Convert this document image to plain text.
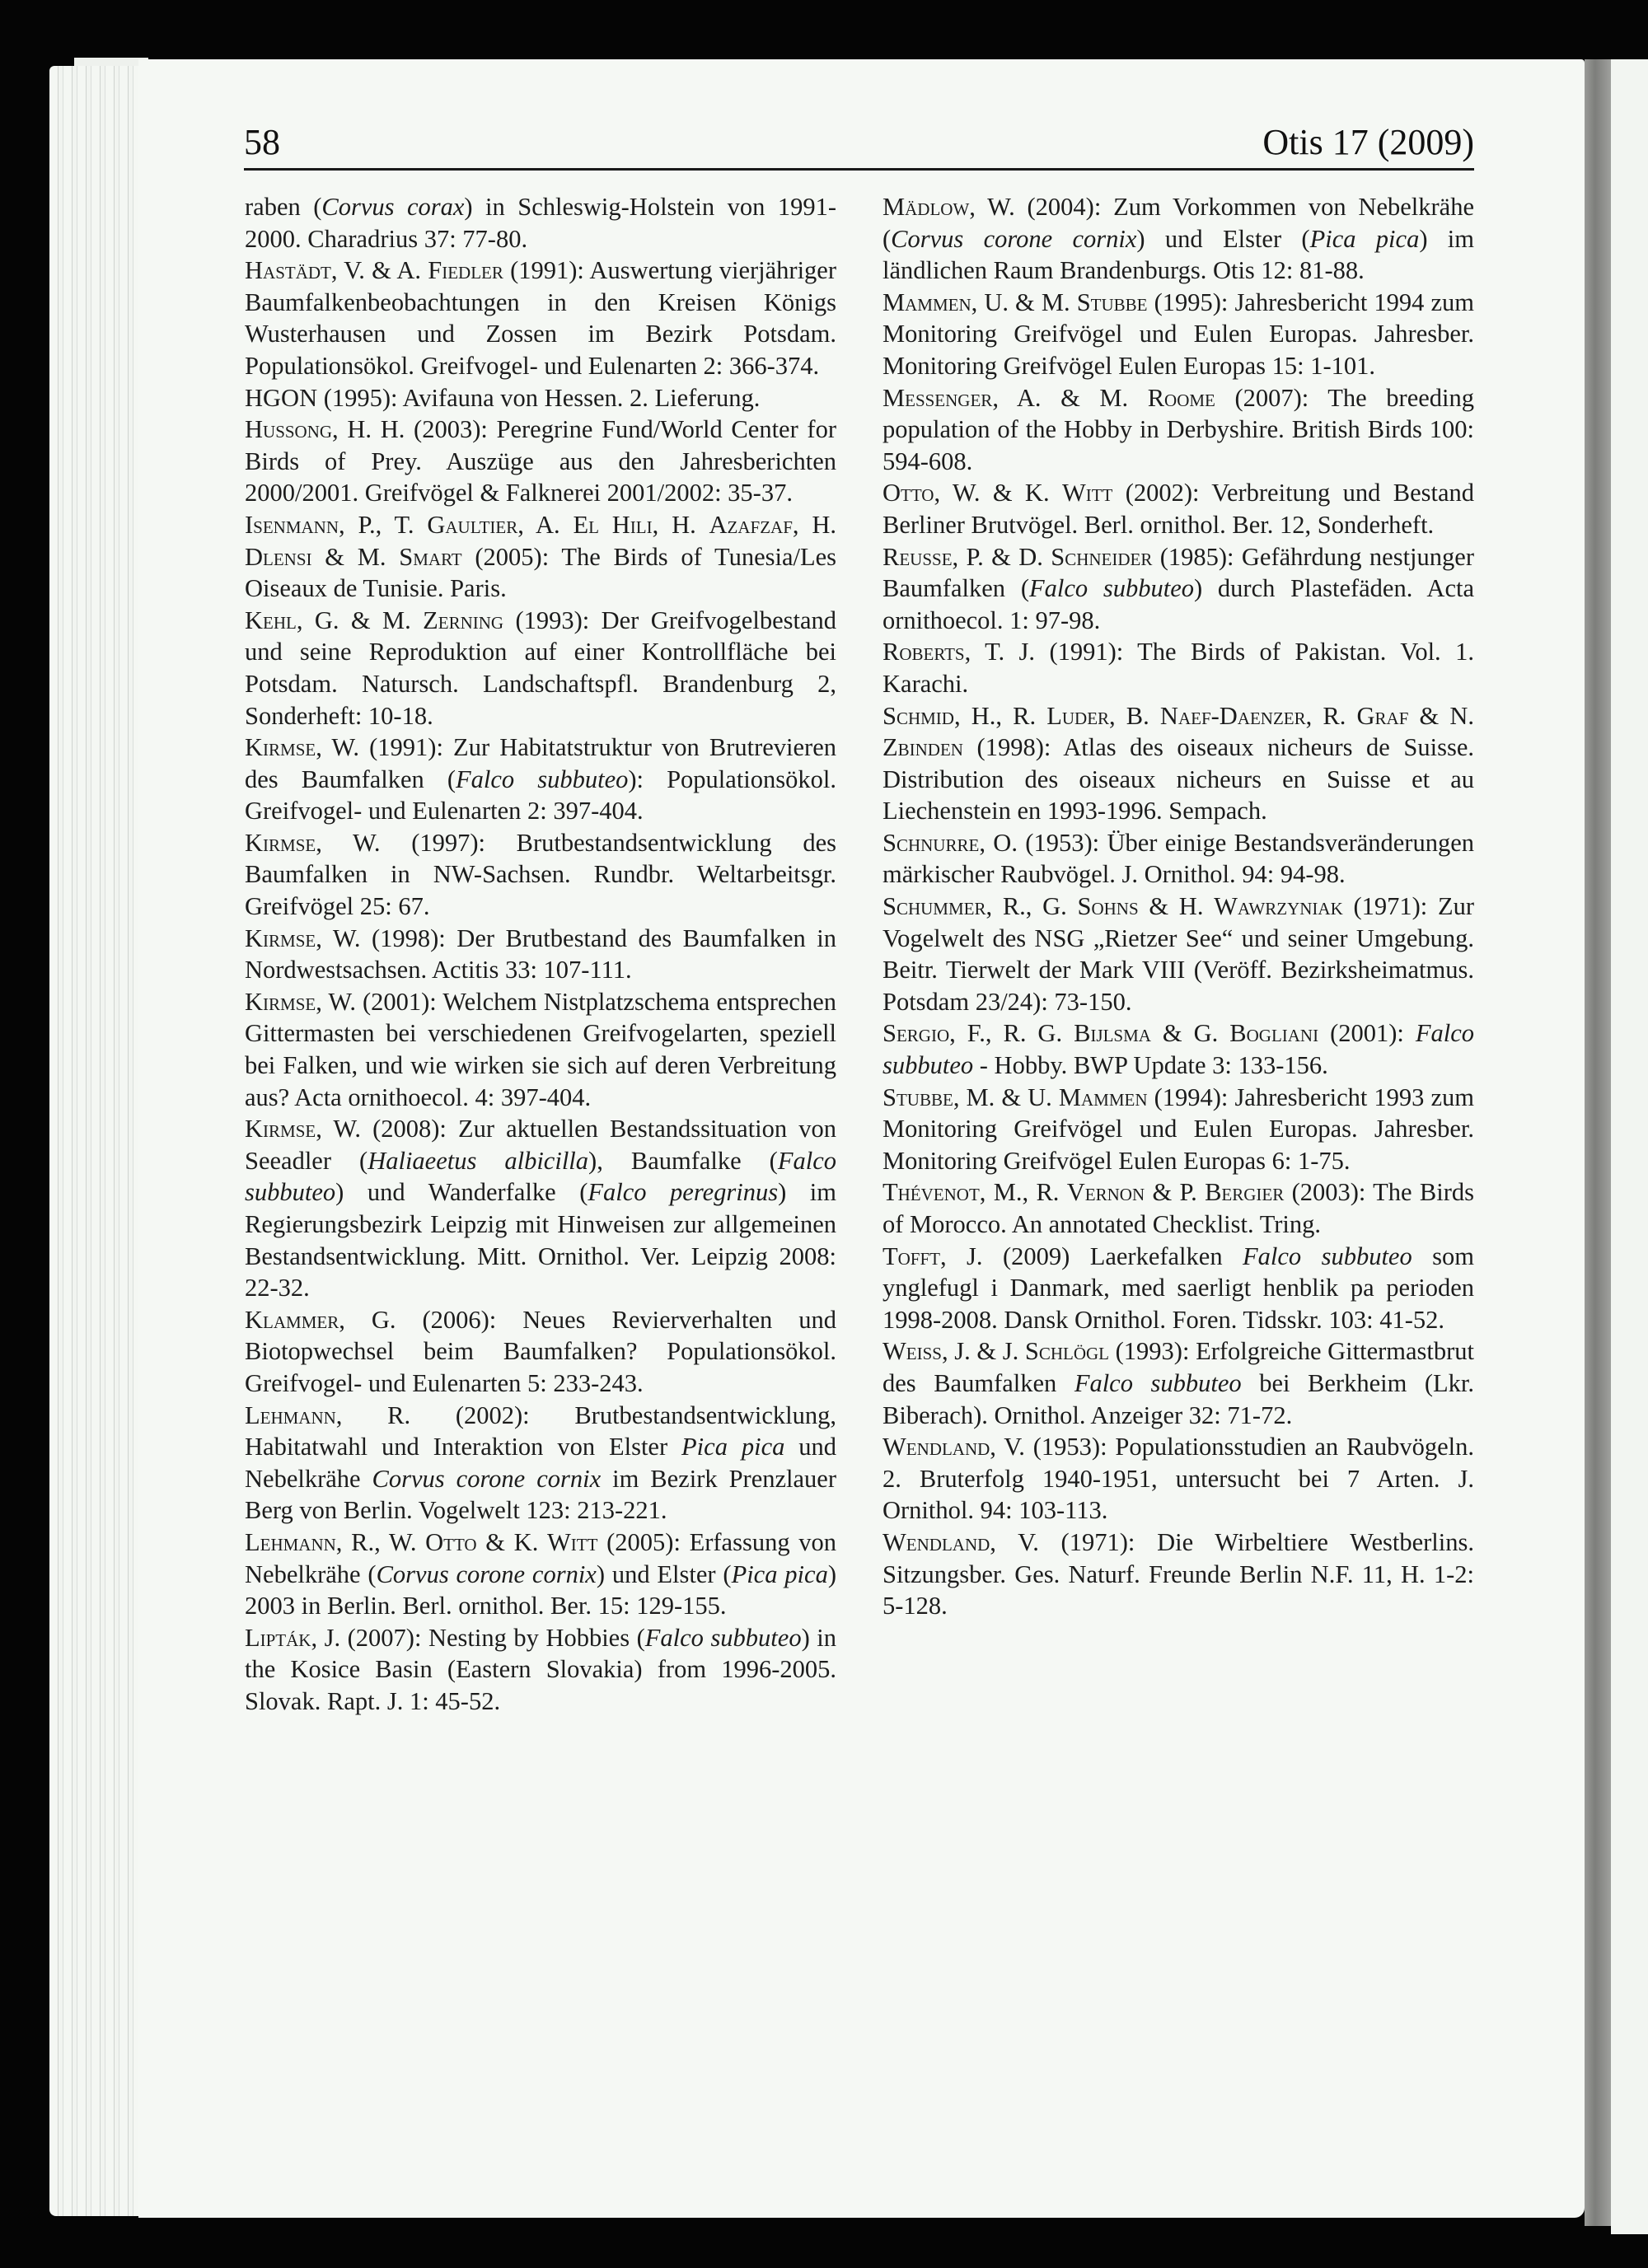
58	Otis 17 (2009)

raben (Corvus corax) in Schleswig-Holstein von 1991-2000. Charadrius 37: 77-80.

Hastädt, V. & A. Fiedler (1991): Auswertung vierjähriger Baumfalkenbeobachtungen in den Kreisen Königs Wusterhausen und Zossen im Bezirk Potsdam. Populationsökol. Greifvogel- und Eulenarten 2: 366-374.

HGON (1995): Avifauna von Hessen. 2. Lieferung.

Hussong, H. H. (2003): Peregrine Fund/World Center for Birds of Prey. Auszüge aus den Jahresberichten 2000/2001. Greifvögel & Falknerei 2001/2002: 35-37.

Isenmann, P., T. Gaultier, A. El Hili, H. Azafzaf, H. Dlensi & M. Smart (2005): The Birds of Tunesia/Les Oiseaux de Tunisie. Paris.

Kehl, G. & M. Zerning (1993): Der Greifvogelbestand und seine Reproduktion auf einer Kontrollfläche bei Potsdam. Natursch. Landschaftspfl. Brandenburg 2, Sonderheft: 10-18.

Kirmse, W. (1991): Zur Habitatstruktur von Brutrevieren des Baumfalken (Falco subbuteo): Populationsökol. Greifvogel- und Eulenarten 2: 397-404.

Kirmse, W. (1997): Brutbestandsentwicklung des Baumfalken in NW-Sachsen. Rundbr. Weltarbeitsgr. Greifvögel 25: 67.

Kirmse, W. (1998): Der Brutbestand des Baumfalken in Nordwestsachsen. Actitis 33: 107-111.

Kirmse, W. (2001): Welchem Nistplatzschema entsprechen Gittermasten bei verschiedenen Greifvogelarten, speziell bei Falken, und wie wirken sie sich auf deren Verbreitung aus? Acta ornithoecol. 4: 397-404.

Kirmse, W. (2008): Zur aktuellen Bestandssituation von Seeadler (Haliaeetus albicilla), Baumfalke (Falco subbuteo) und Wanderfalke (Falco peregrinus) im Regierungsbezirk Leipzig mit Hinweisen zur allgemeinen Bestandsentwicklung. Mitt. Ornithol. Ver. Leipzig 2008: 22-32.

Klammer, G. (2006): Neues Revierverhalten und Biotopwechsel beim Baumfalken? Populationsökol. Greifvogel- und Eulenarten 5: 233-243.

Lehmann, R. (2002): Brutbestandsentwicklung, Habitatwahl und Interaktion von Elster Pica pica und Nebelkrähe Corvus corone cornix im Bezirk Prenzlauer Berg von Berlin. Vogelwelt 123: 213-221.

Lehmann, R., W. Otto & K. Witt (2005): Erfassung von Nebelkrähe (Corvus corone cornix) und Elster (Pica pica) 2003 in Berlin. Berl. ornithol. Ber. 15: 129-155.

Lipták, J. (2007): Nesting by Hobbies (Falco subbuteo) in the Kosice Basin (Eastern Slovakia) from 1996-2005. Slovak. Rapt. J. 1: 45-52.

Mädlow, W. (2004): Zum Vorkommen von Nebelkrähe (Corvus corone cornix) und Elster (Pica pica) im ländlichen Raum Brandenburgs. Otis 12: 81-88.

Mammen, U. & M. Stubbe (1995): Jahresbericht 1994 zum Monitoring Greifvögel und Eulen Europas. Jahresber. Monitoring Greifvögel Eulen Europas 15: 1-101.

Messenger, A. & M. Roome (2007): The breeding population of the Hobby in Derbyshire. British Birds 100: 594-608.

Otto, W. & K. Witt (2002): Verbreitung und Bestand Berliner Brutvögel. Berl. ornithol. Ber. 12, Sonderheft.

Reusse, P. & D. Schneider (1985): Gefährdung nestjunger Baumfalken (Falco subbuteo) durch Plastefäden. Acta ornithoecol. 1: 97-98.

Roberts, T. J. (1991): The Birds of Pakistan. Vol. 1. Karachi.

Schmid, H., R. Luder, B. Naef-Daenzer, R. Graf & N. Zbinden (1998): Atlas des oiseaux nicheurs de Suisse. Distribution des oiseaux nicheurs en Suisse et au Liechenstein en 1993-1996. Sempach.

Schnurre, O. (1953): Über einige Bestandsveränderungen märkischer Raubvögel. J. Ornithol. 94: 94-98.

Schummer, R., G. Sohns & H. Wawrzyniak (1971): Zur Vogelwelt des NSG „Rietzer See“ und seiner Umgebung. Beitr. Tierwelt der Mark VIII (Veröff. Bezirksheimatmus. Potsdam 23/24): 73-150.

Sergio, F., R. G. Bijlsma & G. Bogliani (2001): Falco subbuteo - Hobby. BWP Update 3: 133-156.

Stubbe, M. & U. Mammen (1994): Jahresbericht 1993 zum Monitoring Greifvögel und Eulen Europas. Jahresber. Monitoring Greifvögel Eulen Europas 6: 1-75.

Thévenot, M., R. Vernon & P. Bergier (2003): The Birds of Morocco. An annotated Checklist. Tring.

Tofft, J. (2009) Laerkefalken Falco subbuteo som ynglefugl i Danmark, med saerligt henblik pa perioden 1998-2008. Dansk Ornithol. Foren. Tidsskr. 103: 41-52.

Weiss, J. & J. Schlögl (1993): Erfolgreiche Gittermastbrut des Baumfalken Falco subbuteo bei Berkheim (Lkr. Biberach). Ornithol. Anzeiger 32: 71-72.

Wendland, V. (1953): Populationsstudien an Raubvögeln. 2. Bruterfolg 1940-1951, untersucht bei 7 Arten. J. Ornithol. 94: 103-113.

Wendland, V. (1971): Die Wirbeltiere Westberlins. Sitzungsber. Ges. Naturf. Freunde Berlin N.F. 11, H. 1-2: 5-128.
